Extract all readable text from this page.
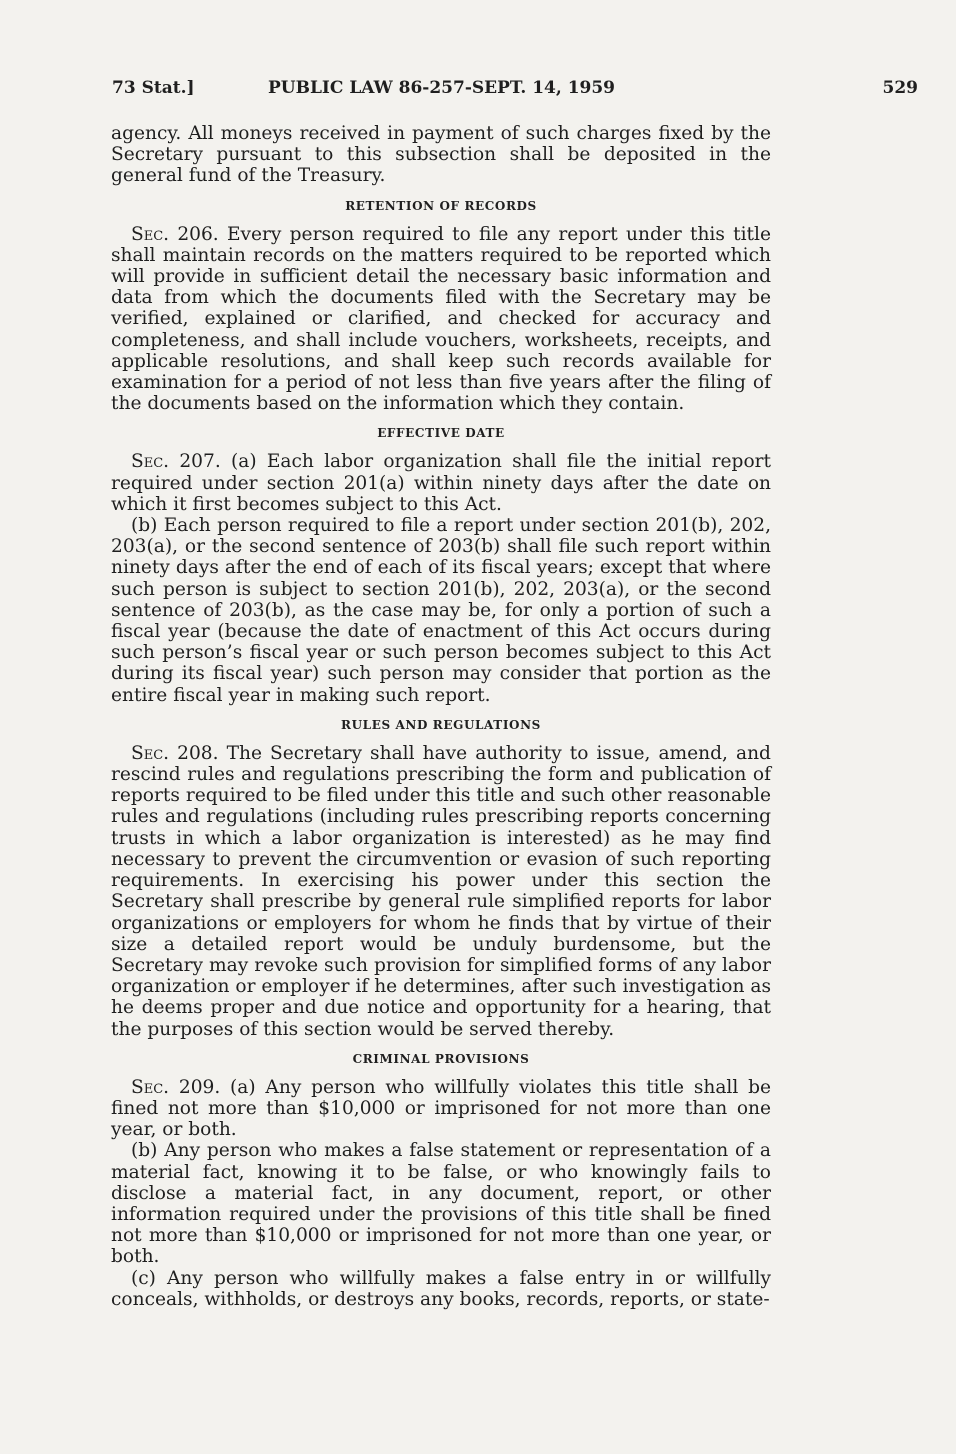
73 Stat.]	PUBLIC LAW 86-257-SEPT. 14, 1959	529

agency. All moneys received in payment of such charges fixed by the Secretary pursuant to this subsection shall be deposited in the general fund of the Treasury.

RETENTION OF RECORDS

Sec. 206. Every person required to file any report under this title shall maintain records on the matters required to be reported which will provide in sufficient detail the necessary basic information and data from which the documents filed with the Secretary may be verified, explained or clarified, and checked for accuracy and completeness, and shall include vouchers, worksheets, receipts, and applicable resolutions, and shall keep such records available for examination for a period of not less than five years after the filing of the documents based on the information which they contain.

EFFECTIVE DATE

Sec. 207. (a) Each labor organization shall file the initial report required under section 201(a) within ninety days after the date on which it first becomes subject to this Act.

(b) Each person required to file a report under section 201(b), 202, 203(a), or the second sentence of 203(b) shall file such report within ninety days after the end of each of its fiscal years; except that where such person is subject to section 201(b), 202, 203(a), or the second sentence of 203(b), as the case may be, for only a portion of such a fiscal year (because the date of enactment of this Act occurs during such person’s fiscal year or such person becomes subject to this Act during its fiscal year) such person may consider that portion as the entire fiscal year in making such report.

RULES AND REGULATIONS

Sec. 208. The Secretary shall have authority to issue, amend, and rescind rules and regulations prescribing the form and publication of reports required to be filed under this title and such other reasonable rules and regulations (including rules prescribing reports concerning trusts in which a labor organization is interested) as he may find necessary to prevent the circumvention or evasion of such reporting requirements. In exercising his power under this section the Secretary shall prescribe by general rule simplified reports for labor organizations or employers for whom he finds that by virtue of their size a detailed report would be unduly burdensome, but the Secretary may revoke such provision for simplified forms of any labor organization or employer if he determines, after such investigation as he deems proper and due notice and opportunity for a hearing, that the purposes of this section would be served thereby.

CRIMINAL PROVISIONS

Sec. 209. (a) Any person who willfully violates this title shall be fined not more than $10,000 or imprisoned for not more than one year, or both.

(b) Any person who makes a false statement or representation of a material fact, knowing it to be false, or who knowingly fails to disclose a material fact, in any document, report, or other information required under the provisions of this title shall be fined not more than $10,000 or imprisoned for not more than one year, or both.

(c) Any person who willfully makes a false entry in or willfully conceals, withholds, or destroys any books, records, reports, or state-
